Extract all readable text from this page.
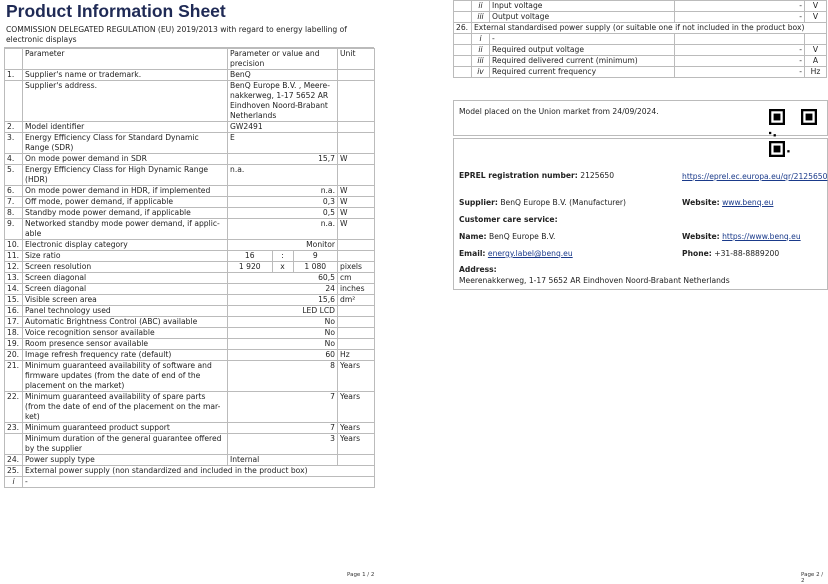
Product Information Sheet
COMMISSION DELEGATED REGULATION (EU) 2019/2013 with regard to energy labelling of electronic displays
	Parameter	Parameter or value and precision	Unit
1.	Supplier's name or trademark.	BenQ	
	Supplier's address.	BenQ Europe B.V. , Meere-nakkerweg, 1-17 5652 AR Eindhoven Noord-Brabant Netherlands	
2.	Model identifier	GW2491	
3.	Energy Efficiency Class for Standard Dynamic Range (SDR)	E	
4.	On mode power demand in SDR	15,7	W
5.	Energy Efficiency Class for High Dynamic Range (HDR)	n.a.	
6.	On mode power demand in HDR, if implemented	n.a.	W
7.	Off mode, power demand, if applicable	0,3	W
8.	Standby mode power demand, if applicable	0,5	W
9.	Networked standby mode power demand, if applic-able	n.a.	W
10.	Electronic display category	Monitor	
11.	Size ratio	16 : 9	

12.	Screen resolution	1 920 x 1 080	pixels
13.	Screen diagonal	60,5	cm
14.	Screen diagonal	24	inches
15.	Visible screen area	15,6	dm²
16.	Panel technology used	LED LCD	
17.	Automatic Brightness Control (ABC) available	No	
18.	Voice recognition sensor available	No	
19.	Room presence sensor available	No	
20.	Image refresh frequency rate (default)	60	Hz
21.	Minimum guaranteed availability of software and firmware updates (from the date of end of the placement on the market)	8	Years
22.	Minimum guaranteed availability of spare parts (from the date of end of the placement on the mar-ket)	7	Years
23.	Minimum guaranteed product support	7	Years
	Minimum duration of the general guarantee offered by the supplier	3	Years
24.	Power supply type	Internal	
25.	External power supply (non standardized and included in the product box)		
i	-		
	ii	Input voltage	-	V
	iii	Output voltage	-	V
26.	External standardised power supply (or suitable one if not included in the product box)			
	i	-		
	ii	Required output voltage	-	V
	iii	Required delivered current (minimum)	-	A
	iv	Required current frequency	-	Hz
Model placed on the Union market from 24/09/2024.
EPREL registration number: 2125650	https://eprel.ec.europa.eu/qr/2125650
Supplier: BenQ Europe B.V. (Manufacturer)	Website: www.benq.eu
Customer care service:
Name: BenQ Europe B.V.	Website: https://www.benq.eu
Email: energy.label@benq.eu	Phone: +31-88-8889200
Address:
Meerenakkerweg, 1-17 5652 AR Eindhoven Noord-Brabant Netherlands
Page 1 / 2	Page 2 / 2
